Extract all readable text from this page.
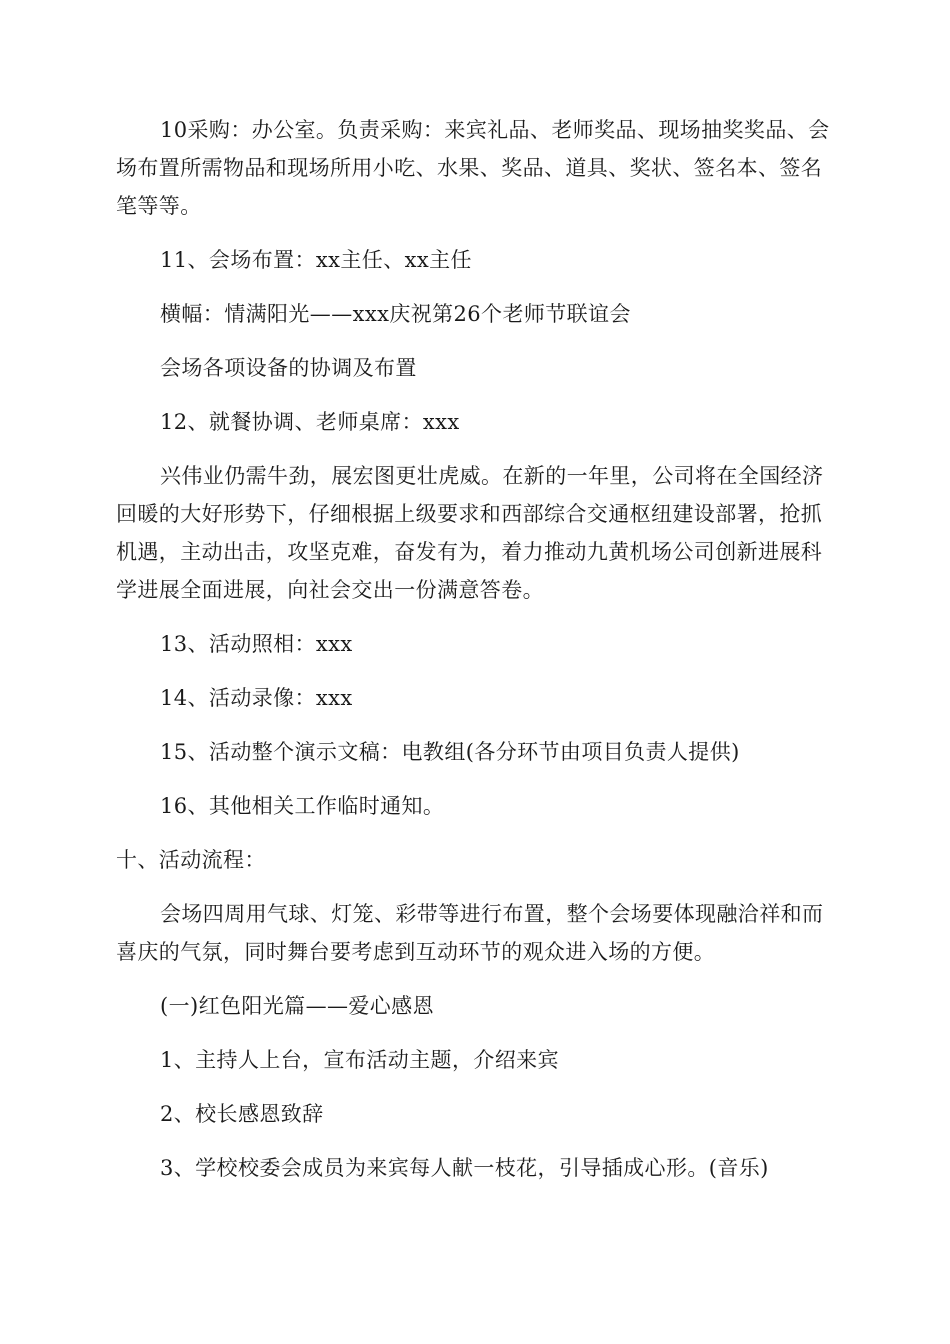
10采购：办公室。负责采购：来宾礼品、老师奖品、现场抽奖奖品、会场布置所需物品和现场所用小吃、水果、奖品、道具、奖状、签名本、签名笔等等。

11、会场布置：xx主任、xx主任

横幅：情满阳光——xxx庆祝第26个老师节联谊会

会场各项设备的协调及布置

12、就餐协调、老师桌席：xxx

兴伟业仍需牛劲，展宏图更壮虎威。在新的一年里，公司将在全国经济回暖的大好形势下，仔细根据上级要求和西部综合交通枢纽建设部署，抢抓机遇，主动出击，攻坚克难，奋发有为，着力推动九黄机场公司创新进展科学进展全面进展，向社会交出一份满意答卷。

13、活动照相：xxx

14、活动录像：xxx

15、活动整个演示文稿：电教组(各分环节由项目负责人提供)

16、其他相关工作临时通知。

十、活动流程：

会场四周用气球、灯笼、彩带等进行布置，整个会场要体现融洽祥和而喜庆的气氛，同时舞台要考虑到互动环节的观众进入场的方便。

(一)红色阳光篇——爱心感恩

1、主持人上台，宣布活动主题，介绍来宾

2、校长感恩致辞

3、学校校委会成员为来宾每人献一枝花，引导插成心形。(音乐)
